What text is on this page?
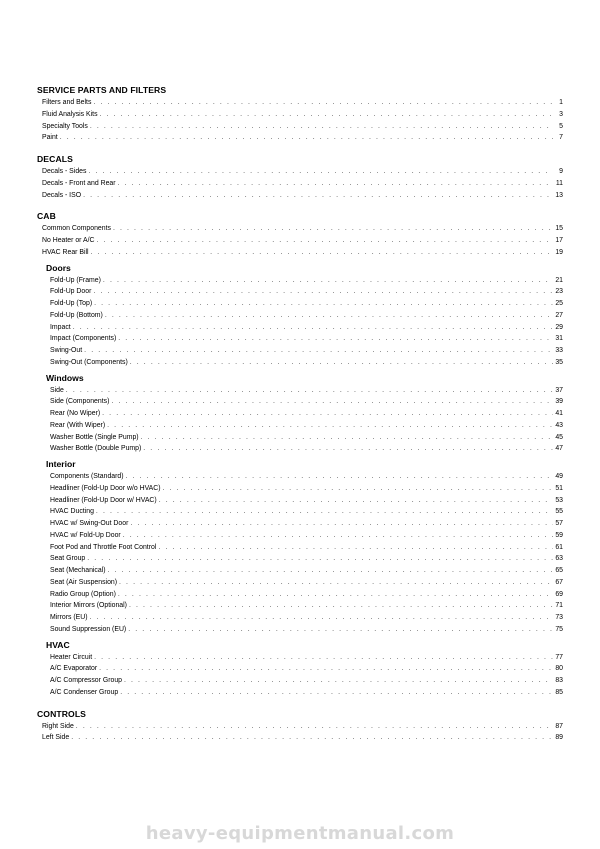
SERVICE PARTS AND FILTERS
Filters and Belts . . .	1
Fluid Analysis Kits . . .	3
Specialty Tools . . .	5
Paint . . .	7
DECALS
Decals - Sides . . .	9
Decals - Front and Rear . . .	11
Decals - ISO . . .	13
CAB
Common Components . . .	15
No Heater or A/C . . .	17
HVAC Rear Bill . . .	19
Doors
Fold-Up (Frame) . . .	21
Fold-Up Door . . .	23
Fold-Up (Top) . . .	25
Fold-Up (Bottom) . . .	27
Impact . . .	29
Impact (Components) . . .	31
Swing-Out . . .	33
Swing-Out (Components) . . .	35
Windows
Side . . .	37
Side (Components) . . .	39
Rear (No Wiper) . . .	41
Rear (With Wiper) . . .	43
Washer Bottle (Single Pump) . . .	45
Washer Bottle (Double Pump) . . .	47
Interior
Components (Standard) . . .	49
Headliner (Fold-Up Door w/o HVAC) . . .	51
Headliner (Fold-Up Door w/ HVAC) . . .	53
HVAC Ducting . . .	55
HVAC w/ Swing-Out Door . . .	57
HVAC w/ Fold-Up Door . . .	59
Foot Pod and Throttle Foot Control . . .	61
Seat Group . . .	63
Seat (Mechanical) . . .	65
Seat (Air Suspension) . . .	67
Radio Group (Option) . . .	69
Interior Mirrors (Optional) . . .	71
Mirrors (EU) . . .	73
Sound Suppression (EU) . . .	75
HVAC
Heater Circuit . . .	77
A/C Evaporator . . .	80
A/C Compressor Group . . .	83
A/C Condenser Group . . .	85
CONTROLS
Right Side . . .	87
Left Side . . .	89
heavy-equipmentmanual.com
